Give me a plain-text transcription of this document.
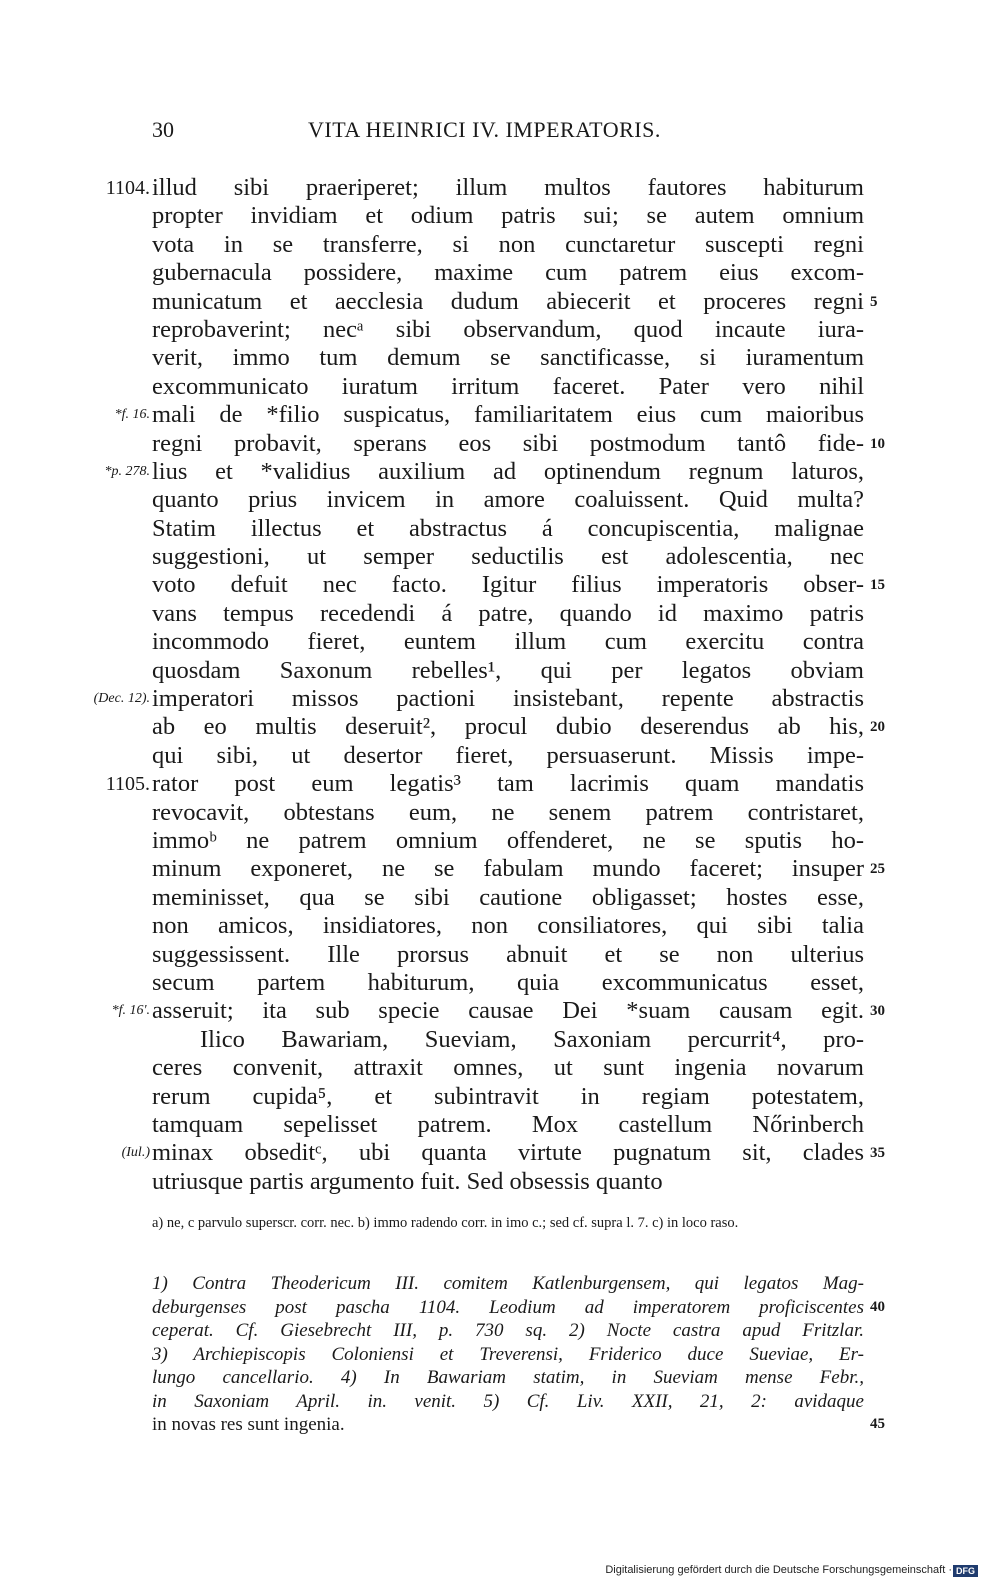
30	VITA HEINRICI IV. IMPERATORIS.
1104. illud sibi praeriperet; illum multos fautores habiturum
propter invidiam et odium patris sui; se autem omnium
vota in se transferre, si non cunctaretur suscepti regni
gubernacula possidere, maxime cum patrem eius excom-
municatum et aecclesia dudum abiecerit et proceres regni 5
reprobaverint; necᵃ sibi observandum, quod incaute iura-
verit, immo tum demum se sanctificasse, si iuramentum
excommunicato iuratum irritum faceret. Pater vero nihil
*f. 16. mali de *filio suspicatus, familiaritatem eius cum maioribus
regni probavit, sperans eos sibi postmodum tantô fide- 10
*p. 278. lius et *validius auxilium ad optinendum regnum laturos,
quanto prius invicem in amore coaluissent. Quid multa?
Statim illectus et abstractus á concupiscentia, malignae
suggestioni, ut semper seductilis est adolescentia, nec
voto defuit nec facto. Igitur filius imperatoris obser- 15
vans tempus recedendi á patre, quando id maximo patris
incommodo fieret, euntem illum cum exercitu contra
quosdam Saxonum rebelles¹, qui per legatos obviam
(Dec. 12). imperatori missos pactioni insistebant, repente abstractis
ab eo multis deseruit², procul dubio deserendus ab his, 20
qui sibi, ut desertor fieret, persuaserunt. Missis impe-
1105. rator post eum legatis³ tam lacrimis quam mandatis
revocavit, obtestans eum, ne senem patrem contristaret,
immoᵇ ne patrem omnium offenderet, ne se sputis ho-
minum exponeret, ne se fabulam mundo faceret; insuper 25
meminisset, qua se sibi cautione obligasset; hostes esse,
non amicos, insidiatores, non consiliatores, qui sibi talia
suggessissent. Ille prorsus abnuit et se non ulterius
secum partem habiturum, quia excommunicatus esset,
*f. 16'. asseruit; ita sub specie causae Dei *suam causam egit. 30
Ilico Bawariam, Sueviam, Saxoniam percurrit⁴, pro-
ceres convenit, attraxit omnes, ut sunt ingenia novarum
rerum cupida⁵, et subintravit in regiam potestatem,
tamquam sepelisset patrem. Mox castellum Nőrinberch
(Iul.) minax obseditᶜ, ubi quanta virtute pugnatum sit, clades 35
utriusque partis argumento fuit. Sed obsessis quanto
a) ne, c parvulo superscr. corr. nec. b) immo radendo corr. in imo c.; sed cf. supra l. 7. c) in loco raso.
1) Contra Theodericum III. comitem Katlenburgensem, qui legatos Mag-
deburgenses post pascha 1104. Leodium ad imperatorem proficiscentes 40
ceperat. Cf. Giesebrecht III, p. 730 sq. 2) Nocte castra apud Fritzlar.
3) Archiepiscopis Coloniensi et Treverensi, Friderico duce Sueviae, Er-
lungo cancellario. 4) In Bawariam statim, in Sueviam mense Febr.,
in Saxoniam April. in. venit. 5) Cf. Liv. XXII, 21, 2: avidaque
in novas res sunt ingenia.	45
Digitalisierung gefördert durch die Deutsche Forschungsgemeinschaft · DFG
